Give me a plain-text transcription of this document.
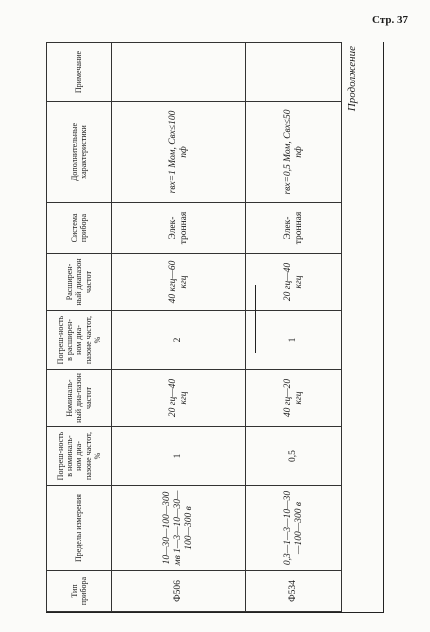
Стр. 37
Продолжение
Тип прибора	Пределы измерения	Погреш-ность в номиналь-ном диа-пазоне частот, %	Номиналь-ный диа-пазон частот	Погреш-ность в расширен-ном диа-пазоне частот, %	Расширен-ный диапазон частот	Система прибора	Дополнительные характеристики	Примечание
Ф506	10—30—100—300 мв 1—3—10—30—100—300 в	1	20 гц—40 кгц	2	40 кгц—60 кгц	Элек-тронная	rвх=1 Мом, Свх≤100 пф	
Ф534	0,3—1—3—10—30—100—300 в	0,5	40 гц—20 кгц	1	20 гц—40 кгц	Элек-тронная	rвх=0,5 Мом, Свх≤50 пф	
